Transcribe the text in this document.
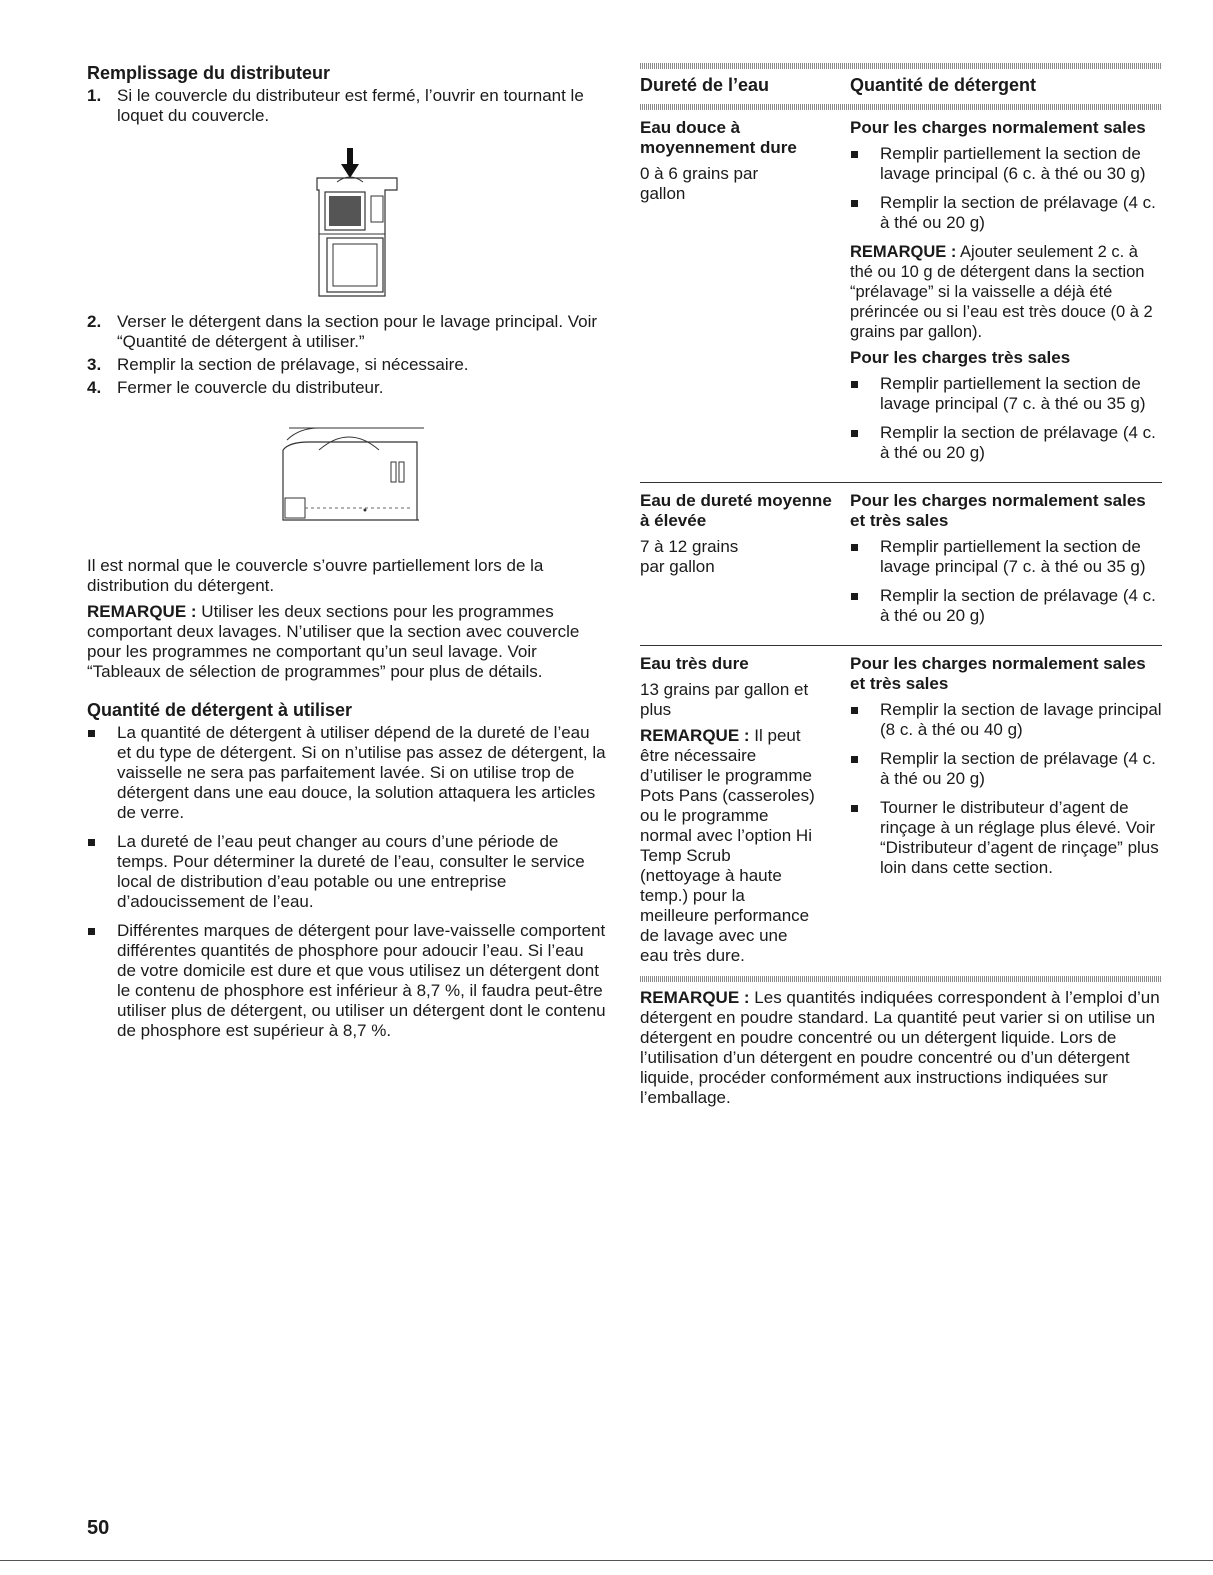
Remplissage du distributeur
1. Si le couvercle du distributeur est fermé, l’ouvrir en tournant le loquet du couvercle.
2. Verser le détergent dans la section pour le lavage principal. Voir “Quantité de détergent à utiliser.”
3. Remplir la section de prélavage, si nécessaire.
4. Fermer le couvercle du distributeur.

Il est normal que le couvercle s’ouvre partiellement lors de la distribution du détergent.

REMARQUE : Utiliser les deux sections pour les programmes comportant deux lavages. N’utiliser que la section avec couvercle pour les programmes ne comportant qu’un seul lavage. Voir “Tableaux de sélection de programmes” pour plus de détails.

Quantité de détergent à utiliser
La quantité de détergent à utiliser dépend de la dureté de l’eau et du type de détergent. Si on n’utilise pas assez de détergent, la vaisselle ne sera pas parfaitement lavée. Si on utilise trop de détergent dans une eau douce, la solution attaquera les articles de verre.
La dureté de l’eau peut changer au cours d’une période de temps. Pour déterminer la dureté de l’eau, consulter le service local de distribution d’eau potable ou une entreprise d’adoucissement de l’eau.
Différentes marques de détergent pour lave-vaisselle comportent différentes quantités de phosphore pour adoucir l’eau. Si l’eau de votre domicile est dure et que vous utilisez un détergent dont le contenu de phosphore est inférieur à 8,7 %, il faudra peut-être utiliser plus de détergent, ou utiliser un détergent dont le contenu de phosphore est supérieur à 8,7 %.
Dureté de l’eau	Quantité de détergent
Eau douce à moyennement dure
0 à 6 grains par gallon
Pour les charges normalement sales
Remplir partiellement la section de lavage principal (6 c. à thé ou 30 g)
Remplir la section de prélavage (4 c. à thé ou 20 g)

REMARQUE : Ajouter seulement 2 c. à thé ou 10 g de détergent dans la section “prélavage” si la vaisselle a déjà été prérincée ou si l’eau est très douce (0 à 2 grains par gallon).

Pour les charges très sales
Remplir partiellement la section de lavage principal (7 c. à thé ou 35 g)
Remplir la section de prélavage (4 c. à thé ou 20 g)
Eau de dureté moyenne à élevée
7 à 12 grains par gallon
Pour les charges normalement sales et très sales
Remplir partiellement la section de lavage principal (7 c. à thé ou 35 g)
Remplir la section de prélavage (4 c. à thé ou 20 g)
Eau très dure
13 grains par gallon et plus

REMARQUE : Il peut être nécessaire d’utiliser le programme Pots Pans (casseroles) ou le programme normal avec l’option Hi Temp Scrub (nettoyage à haute temp.) pour la meilleure performance de lavage avec une eau très dure.

Pour les charges normalement sales et très sales
Remplir la section de lavage principal (8 c. à thé ou 40 g)
Remplir la section de prélavage (4 c. à thé ou 20 g)
Tourner le distributeur d’agent de rinçage à un réglage plus élevé. Voir “Distributeur d’agent de rinçage” plus loin dans cette section.

REMARQUE : Les quantités indiquées correspondent à l’emploi d’un détergent en poudre standard. La quantité peut varier si on utilise un détergent en poudre concentré ou un détergent liquide. Lors de l’utilisation d’un détergent en poudre concentré ou d’un détergent liquide, procéder conformément aux instructions indiquées sur l’emballage.

50
